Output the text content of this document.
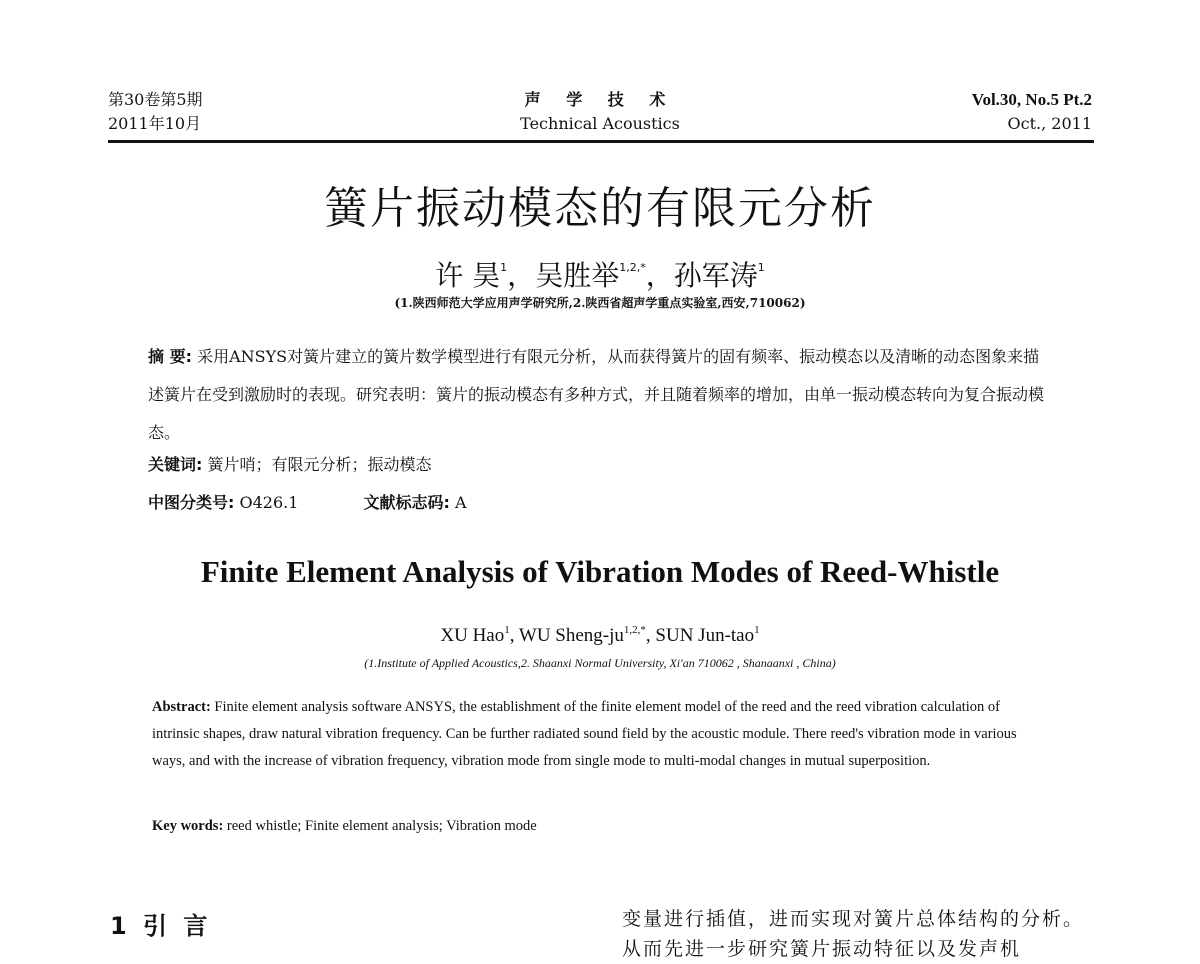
第30卷第5期
2011年10月
声 学 技 术
Technical Acoustics
Vol.30, No.5 Pt.2
Oct., 2011
簧片振动模态的有限元分析
许 昊$^1$，吴胜举$^{1,2,*}$，孙军涛$^1$
(1.陕西师范大学应用声学研究所,2.陕西省超声学重点实验室,西安,710062)
摘 要: 采用ANSYS对簧片建立的簧片数学模型进行有限元分析，从而获得簧片的固有频率、振动模态以及清晰的动态图象来描述簧片在受到激励时的表现。研究表明：簧片的振动模态有多种方式，并且随着频率的增加，由单一振动模态转向为复合振动模态。
关键词: 簧片哨；有限元分析；振动模态
中图分类号: O426.1	文献标志码: A
Finite Element Analysis of Vibration Modes of Reed-Whistle
XU Hao$^1$, WU Sheng-$ju^{1,2,*}$, SUN Jun-tao$^1$
(1.Institute of Applied Acoustics,2. Shaanxi Normal University, Xi'an 710062 , Shanaanxi , China)
Abstract: Finite element analysis software ANSYS, the establishment of the finite element model of the reed and the reed vibration calculation of intrinsic shapes, draw natural vibration frequency. Can be further radiated sound field by the acoustic module. There reed's vibration mode in various ways, and with the increase of vibration frequency, vibration mode from single mode to multi-modal changes in mutual superposition.
Key words: reed whistle; Finite element analysis; Vibration mode
1 引 言	变量进行插值，进而实现对簧片总体结构的分析。从而先进一步研究簧片振动特征以及发声机
